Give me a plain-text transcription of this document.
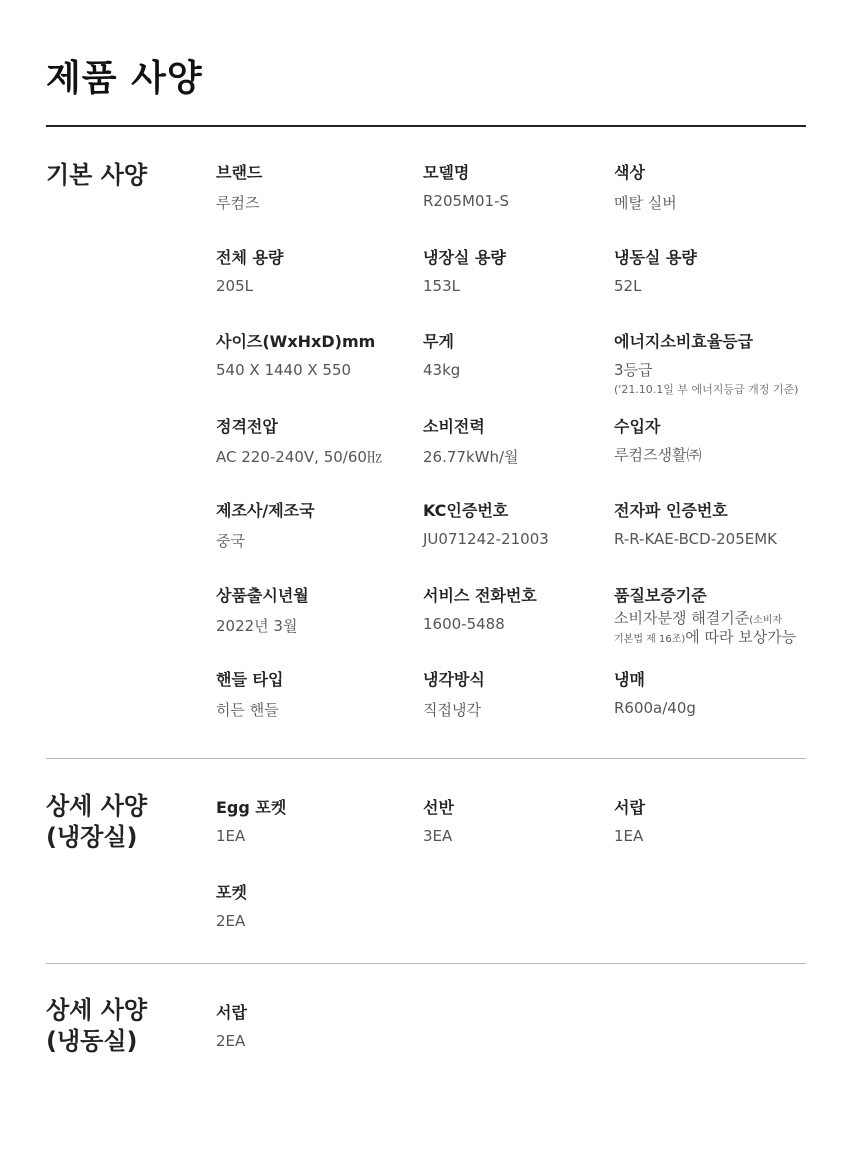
제품 사양
기본 사양	브랜드
루컴즈
모델명
R205M01-S
색상
메탈 실버
전체 용량
205L
냉장실 용량
153L
냉동실 용량
52L
사이즈(WxHxD)mm
540 X 1440 X 550
무게
43kg
에너지소비효율등급
3등급
('21.10.1일 부 에너지등급 개정 기준)
정격전압
AC 220-240V, 50/60㎐
소비전력
26.77kWh/월
수입자
루컴즈생활㈜
제조사/제조국
중국
KC인증번호
JU071242-21003
전자파 인증번호
R-R-KAE-BCD-205EMK
상품출시년월
2022년 3월
서비스 전화번호
1600-5488
품질보증기준
소비자분쟁 해결기준(소비자
기본법 제 16조)에 따라 보상가능
핸들 타입
히든 핸들
냉각방식
직접냉각
냉매
R600a/40g
상세 사양
(냉장실)
Egg 포켓
1EA
선반
3EA
서랍
1EA
포켓
2EA
상세 사양
(냉동실)
서랍
2EA
